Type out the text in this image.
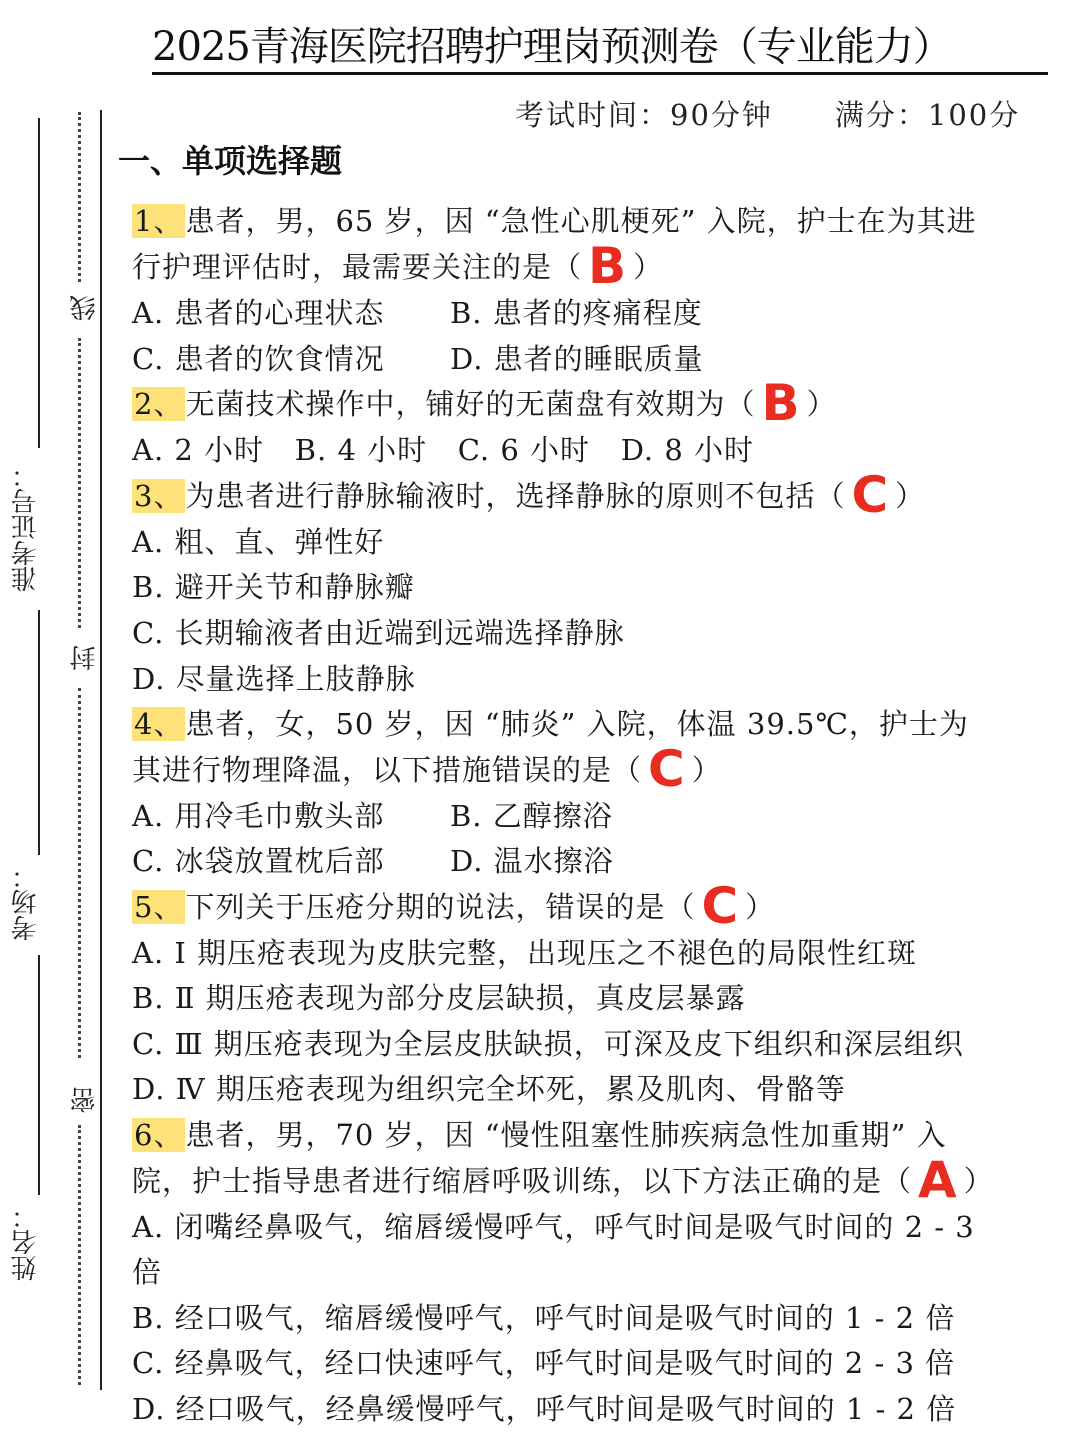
2025青海医院招聘护理岗预测卷（专业能力）
考试时间：90分钟 满分：100分
准考证号：
考场：
姓名：
线
封
密
一、单项选择题
1、患者，男，65 岁，因 “急性心肌梗死” 入院，护士在为其进
行护理评估时，最需要关注的是（ B ）
A. 患者的心理状态 B. 患者的疼痛程度
C. 患者的饮食情况 D. 患者的睡眠质量
2、无菌技术操作中，铺好的无菌盘有效期为（ B ）
A. 2 小时   B. 4 小时   C. 6 小时   D. 8 小时
3、为患者进行静脉输液时，选择静脉的原则不包括（ C ）
A. 粗、直、弹性好
B. 避开关节和静脉瓣
C. 长期输液者由近端到远端选择静脉
D. 尽量选择上肢静脉
4、患者，女，50 岁，因 “肺炎” 入院，体温 39.5℃，护士为
其进行物理降温，以下措施错误的是（ C ）
A. 用冷毛巾敷头部 B. 乙醇擦浴
C. 冰袋放置枕后部 D. 温水擦浴
5、下列关于压疮分期的说法，错误的是（ C ）
A. Ⅰ 期压疮表现为皮肤完整，出现压之不褪色的局限性红斑
B. Ⅱ 期压疮表现为部分皮层缺损，真皮层暴露
C. Ⅲ 期压疮表现为全层皮肤缺损，可深及皮下组织和深层组织
D. Ⅳ 期压疮表现为组织完全坏死，累及肌肉、骨骼等
6、患者，男，70 岁，因 “慢性阻塞性肺疾病急性加重期” 入
院，护士指导患者进行缩唇呼吸训练，以下方法正确的是（ A ）
A. 闭嘴经鼻吸气，缩唇缓慢呼气，呼气时间是吸气时间的 2 - 3
倍
B. 经口吸气，缩唇缓慢呼气，呼气时间是吸气时间的 1 - 2 倍
C. 经鼻吸气，经口快速呼气，呼气时间是吸气时间的 2 - 3 倍
D. 经口吸气，经鼻缓慢呼气，呼气时间是吸气时间的 1 - 2 倍
